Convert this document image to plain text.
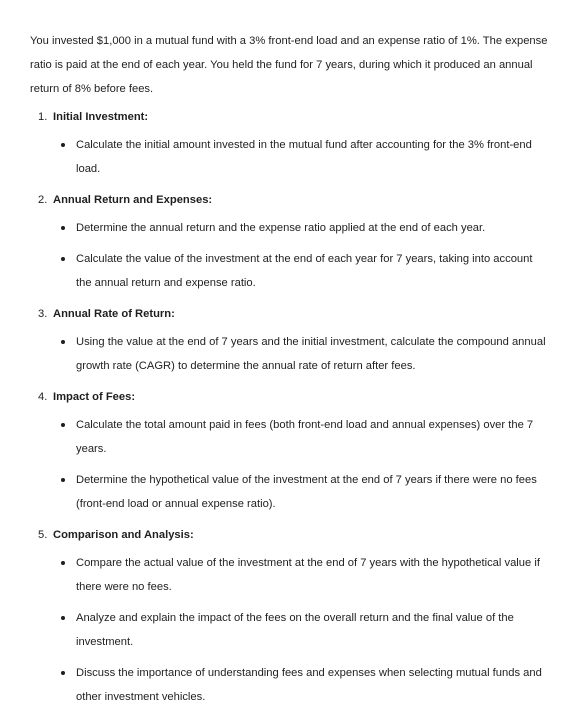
You invested $1,000 in a mutual fund with a 3% front-end load and an expense ratio of 1%. The expense ratio is paid at the end of each year. You held the fund for 7 years, during which it produced an annual return of 8% before fees.

1. Initial Investment:
Calculate the initial amount invested in the mutual fund after accounting for the 3% front-end load.
2. Annual Return and Expenses:
Determine the annual return and the expense ratio applied at the end of each year.
Calculate the value of the investment at the end of each year for 7 years, taking into account the annual return and expense ratio.
3. Annual Rate of Return:
Using the value at the end of 7 years and the initial investment, calculate the compound annual growth rate (CAGR) to determine the annual rate of return after fees.
4. Impact of Fees:
Calculate the total amount paid in fees (both front-end load and annual expenses) over the 7 years.
Determine the hypothetical value of the investment at the end of 7 years if there were no fees (front-end load or annual expense ratio).
5. Comparison and Analysis:
Compare the actual value of the investment at the end of 7 years with the hypothetical value if there were no fees.
Analyze and explain the impact of the fees on the overall return and the final value of the investment.
Discuss the importance of understanding fees and expenses when selecting mutual funds and other investment vehicles.
